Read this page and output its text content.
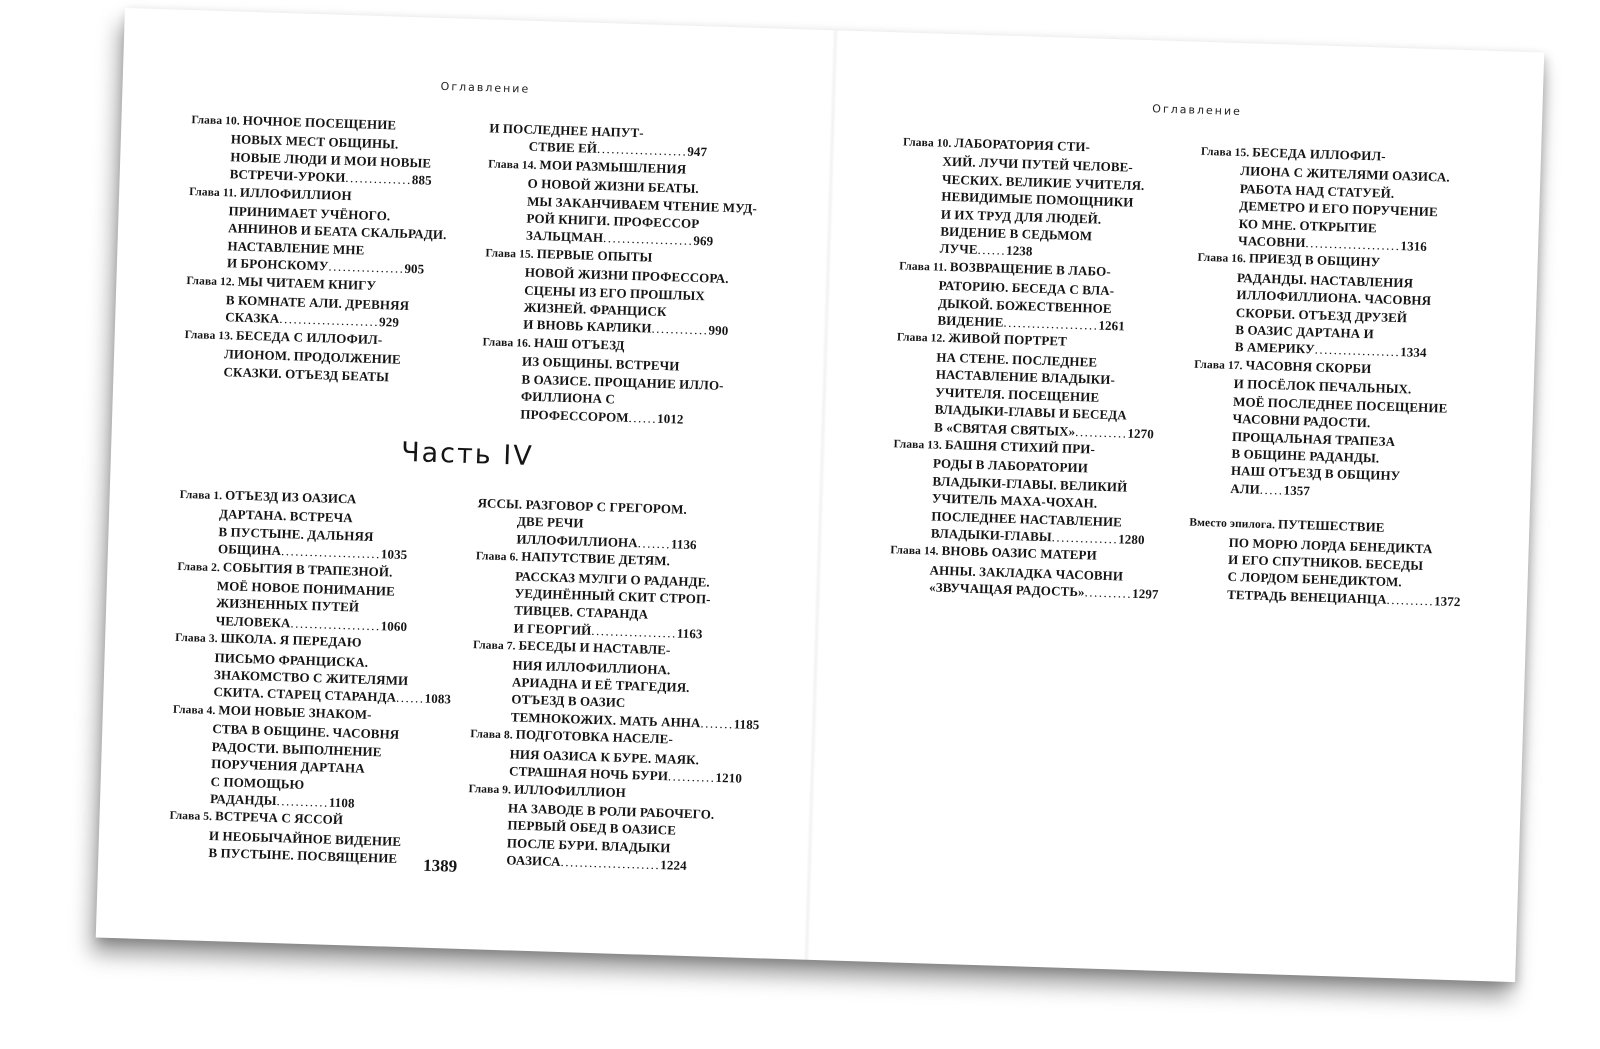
Оглавление
Глава 10. НОЧНОЕ ПОСЕЩЕНИЕ
НОВЫХ МЕСТ ОБЩИНЫ.
НОВЫЕ ЛЮДИ И МОИ НОВЫЕ
ВСТРЕЧИ-УРОКИ..............885
Глава 11. ИЛЛОФИЛЛИОН
ПРИНИМАЕТ УЧЁНОГО.
АННИНОВ И БЕАТА СКАЛЬРАДИ.
НАСТАВЛЕНИЕ МНЕ
И БРОНСКОМУ................905
Глава 12. МЫ ЧИТАЕМ КНИГУ
В КОМНАТЕ АЛИ. ДРЕВНЯЯ
СКАЗКА.....................929
Глава 13. БЕСЕДА С ИЛЛОФИЛ-
ЛИОНОМ. ПРОДОЛЖЕНИЕ
СКАЗКИ. ОТЪЕЗД БЕАТЫ
И ПОСЛЕДНЕЕ НАПУТ-
СТВИЕ ЕЙ...................947
Глава 14. МОИ РАЗМЫШЛЕНИЯ
О НОВОЙ ЖИЗНИ БЕАТЫ.
МЫ ЗАКАНЧИВАЕМ ЧТЕНИЕ МУД-
РОЙ КНИГИ. ПРОФЕССОР
ЗАЛЬЦМАН...................969
Глава 15. ПЕРВЫЕ ОПЫТЫ
НОВОЙ ЖИЗНИ ПРОФЕССОРА.
СЦЕНЫ ИЗ ЕГО ПРОШЛЫХ
ЖИЗНЕЙ. ФРАНЦИСК
И ВНОВЬ КАРЛИКИ............990
Глава 16. НАШ ОТЪЕЗД
ИЗ ОБЩИНЫ. ВСТРЕЧИ
В ОАЗИСЕ. ПРОЩАНИЕ ИЛЛО-
ФИЛЛИОНА С ПРОФЕССОРОМ......1012
Часть IV
Глава 1. ОТЪЕЗД ИЗ ОАЗИСА
ДАРТАНА. ВСТРЕЧА
В ПУСТЫНЕ. ДАЛЬНЯЯ
ОБЩИНА.....................1035
Глава 2. СОБЫТИЯ В ТРАПЕЗНОЙ.
МОЁ НОВОЕ ПОНИМАНИЕ
ЖИЗНЕННЫХ ПУТЕЙ
ЧЕЛОВЕКА...................1060
Глава 3. ШКОЛА. Я ПЕРЕДАЮ
ПИСЬМО ФРАНЦИСКА.
ЗНАКОМСТВО С ЖИТЕЛЯМИ
СКИТА. СТАРЕЦ СТАРАНДА......1083
Глава 4. МОИ НОВЫЕ ЗНАКОМ-
СТВА В ОБЩИНЕ. ЧАСОВНЯ
РАДОСТИ. ВЫПОЛНЕНИЕ
ПОРУЧЕНИЯ ДАРТАНА
С ПОМОЩЬЮ РАДАНДЫ...........1108
Глава 5. ВСТРЕЧА С ЯССОЙ
И НЕОБЫЧАЙНОЕ ВИДЕНИЕ
В ПУСТЫНЕ. ПОСВЯЩЕНИЕ
ЯССЫ. РАЗГОВОР С ГРЕГОРОМ.
ДВЕ РЕЧИ ИЛЛОФИЛЛИОНА.......1136
Глава 6. НАПУТСТВИЕ ДЕТЯМ.
РАССКАЗ МУЛГИ О РАДАНДЕ.
УЕДИНЁННЫЙ СКИТ СТРОП-
ТИВЦЕВ. СТАРАНДА
И ГЕОРГИЙ..................1163
Глава 7. БЕСЕДЫ И НАСТАВЛЕ-
НИЯ ИЛЛОФИЛЛИОНА.
АРИАДНА И ЕЁ ТРАГЕДИЯ.
ОТЪЕЗД В ОАЗИС
ТЕМНОКОЖИХ. МАТЬ АННА.......1185
Глава 8. ПОДГОТОВКА НАСЕЛЕ-
НИЯ ОАЗИСА К БУРЕ. МАЯК.
СТРАШНАЯ НОЧЬ БУРИ..........1210
Глава 9. ИЛЛОФИЛЛИОН
НА ЗАВОДЕ В РОЛИ РАБОЧЕГО.
ПЕРВЫЙ ОБЕД В ОАЗИСЕ
ПОСЛЕ БУРИ. ВЛАДЫКИ
ОАЗИСА.....................1224
1389
Оглавление
Глава 10. ЛАБОРАТОРИЯ СТИ-
ХИЙ. ЛУЧИ ПУТЕЙ ЧЕЛОВЕ-
ЧЕСКИХ. ВЕЛИКИЕ УЧИТЕЛЯ.
НЕВИДИМЫЕ ПОМОЩНИКИ
И ИХ ТРУД ДЛЯ ЛЮДЕЙ.
ВИДЕНИЕ В СЕДЬМОМ ЛУЧЕ......1238
Глава 11. ВОЗВРАЩЕНИЕ В ЛАБО-
РАТОРИЮ. БЕСЕДА С ВЛА-
ДЫКОЙ. БОЖЕСТВЕННОЕ
ВИДЕНИЕ....................1261
Глава 12. ЖИВОЙ ПОРТРЕТ
НА СТЕНЕ. ПОСЛЕДНЕЕ
НАСТАВЛЕНИЕ ВЛАДЫКИ-
УЧИТЕЛЯ. ПОСЕЩЕНИЕ
ВЛАДЫКИ-ГЛАВЫ И БЕСЕДА
В «СВЯТАЯ СВЯТЫХ»...........1270
Глава 13. БАШНЯ СТИХИЙ ПРИ-
РОДЫ В ЛАБОРАТОРИИ
ВЛАДЫКИ-ГЛАВЫ. ВЕЛИКИЙ
УЧИТЕЛЬ МАХА-ЧОХАН.
ПОСЛЕДНЕЕ НАСТАВЛЕНИЕ
ВЛАДЫКИ-ГЛАВЫ..............1280
Глава 14. ВНОВЬ ОАЗИС МАТЕРИ
АННЫ. ЗАКЛАДКА ЧАСОВНИ
«ЗВУЧАЩАЯ РАДОСТЬ»..........1297
Глава 15. БЕСЕДА ИЛЛОФИЛ-
ЛИОНА С ЖИТЕЛЯМИ ОАЗИСА.
РАБОТА НАД СТАТУЕЙ.
ДЕМЕТРО И ЕГО ПОРУЧЕНИЕ
КО МНЕ. ОТКРЫТИЕ
ЧАСОВНИ....................1316
Глава 16. ПРИЕЗД В ОБЩИНУ
РАДАНДЫ. НАСТАВЛЕНИЯ
ИЛЛОФИЛЛИОНА. ЧАСОВНЯ
СКОРБИ. ОТЪЕЗД ДРУЗЕЙ
В ОАЗИС ДАРТАНА И
В АМЕРИКУ..................1334
Глава 17. ЧАСОВНЯ СКОРБИ
И ПОСЁЛОК ПЕЧАЛЬНЫХ.
МОЁ ПОСЛЕДНЕЕ ПОСЕЩЕНИЕ
ЧАСОВНИ РАДОСТИ.
ПРОЩАЛЬНАЯ ТРАПЕЗА
В ОБЩИНЕ РАДАНДЫ.
НАШ ОТЪЕЗД В ОБЩИНУ АЛИ.....1357
Вместо эпилога. ПУТЕШЕСТВИЕ
ПО МОРЮ ЛОРДА БЕНЕДИКТА
И ЕГО СПУТНИКОВ. БЕСЕДЫ
С ЛОРДОМ БЕНЕДИКТОМ.
ТЕТРАДЬ ВЕНЕЦИАНЦА..........1372
